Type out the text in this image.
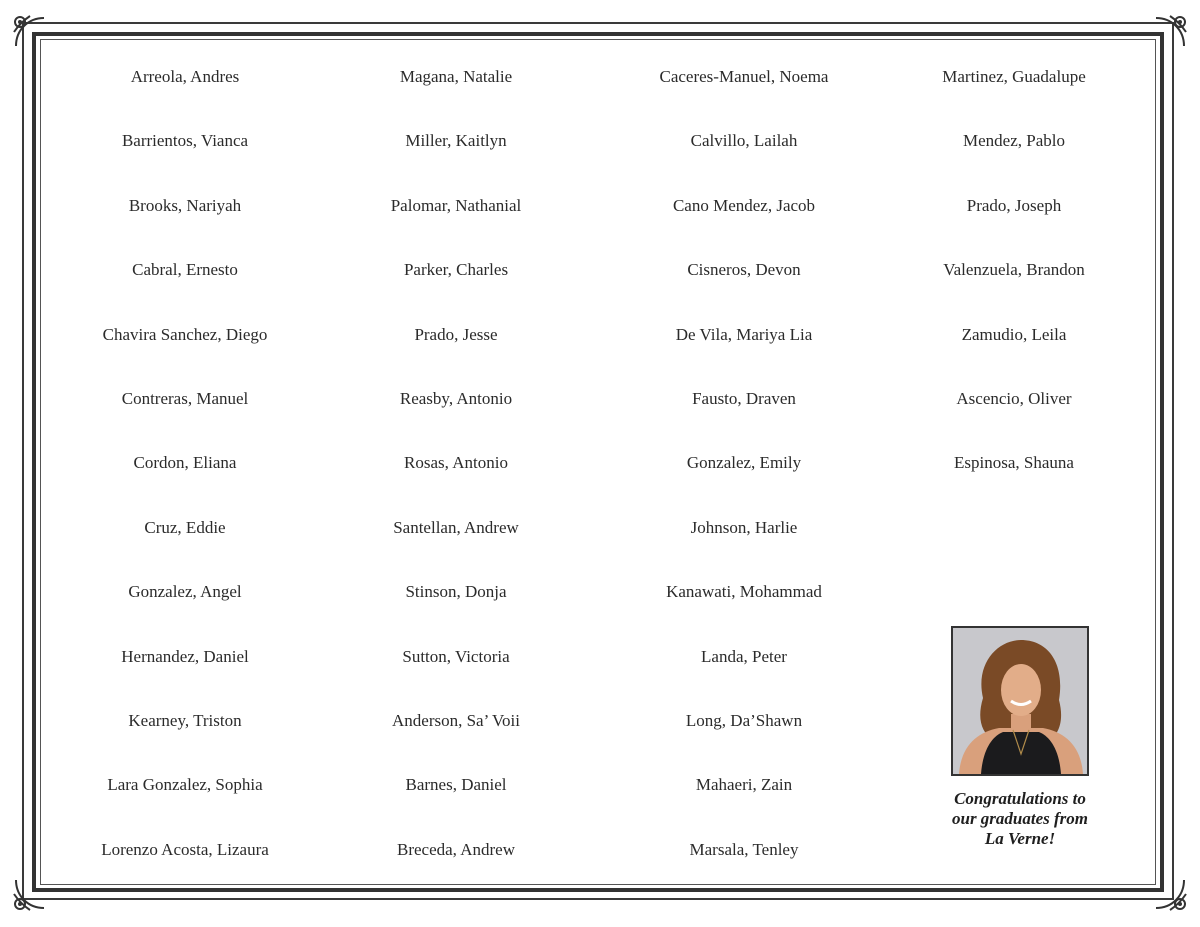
Arreola, Andres
Barrientos, Vianca
Brooks, Nariyah
Cabral, Ernesto
Chavira Sanchez, Diego
Contreras, Manuel
Cordon, Eliana
Cruz, Eddie
Gonzalez, Angel
Hernandez, Daniel
Kearney, Triston
Lara Gonzalez, Sophia
Lorenzo Acosta, Lizaura
Magana, Natalie
Miller, Kaitlyn
Palomar, Nathanial
Parker, Charles
Prado, Jesse
Reasby, Antonio
Rosas, Antonio
Santellan, Andrew
Stinson, Donja
Sutton, Victoria
Anderson, Sa’ Voii
Barnes, Daniel
Breceda, Andrew
Caceres-Manuel, Noema
Calvillo, Lailah
Cano Mendez, Jacob
Cisneros, Devon
De Vila, Mariya Lia
Fausto, Draven
Gonzalez, Emily
Johnson, Harlie
Kanawati, Mohammad
Landa, Peter
Long, Da’Shawn
Mahaeri, Zain
Marsala, Tenley
Martinez, Guadalupe
Mendez, Pablo
Prado, Joseph
Valenzuela, Brandon
Zamudio, Leila
Ascencio, Oliver
Espinosa, Shauna
Congratulations to
our graduates from
La Verne!
